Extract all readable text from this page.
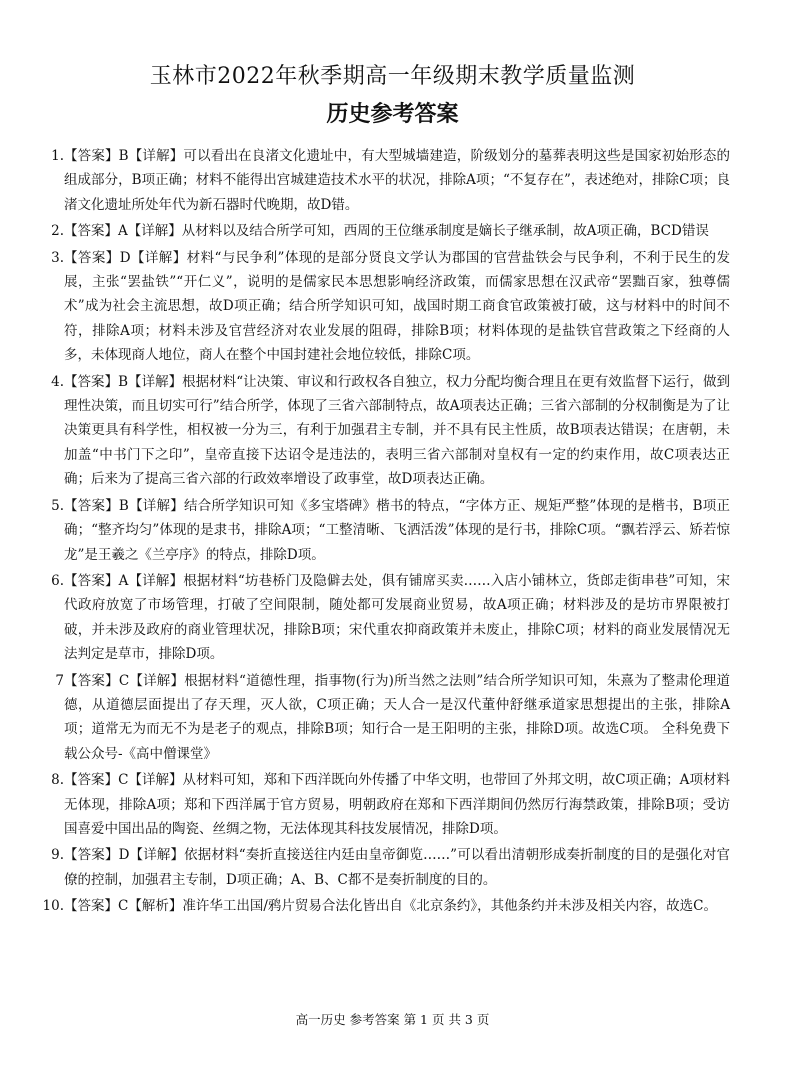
玉林市2022年秋季期高一年级期末教学质量监测
历史参考答案
1. 【答案】B【详解】可以看出在良渚文化遗址中，有大型城墙建造，阶级划分的墓葬表明这些是国家初始形态的组成部分，B项正确；材料不能得出宫城建造技术水平的状况，排除A项；“不复存在”，表述绝对，排除C项；良渚文化遗址所处年代为新石器时代晚期，故D错。
2. 【答案】A【详解】从材料以及结合所学可知，西周的王位继承制度是嫡长子继承制，故A项正确，BCD错误
3. 【答案】D【详解】材料“与民争利”体现的是部分贤良文学认为郡国的官营盐铁会与民争利，不利于民生的发展，主张“罢盐铁”“开仁义”，说明的是儒家民本思想影响经济政策，而儒家思想在汉武帝“罢黜百家，独尊儒术”成为社会主流思想，故D项正确；结合所学知识可知，战国时期工商食官政策被打破，这与材料中的时间不符，排除A项；材料未涉及官营经济对农业发展的阻碍，排除B项；材料体现的是盐铁官营政策之下经商的人多，未体现商人地位，商人在整个中国封建社会地位较低，排除C项。
4. 【答案】B【详解】根据材料“让决策、审议和行政权各自独立，权力分配均衡合理且在更有效监督下运行，做到理性决策，而且切实可行”结合所学，体现了三省六部制特点，故A项表达正确；三省六部制的分权制衡是为了让决策更具有科学性，相权被一分为三，有利于加强君主专制，并不具有民主性质，故B项表达错误；在唐朝，未加盖“中书门下之印”，皇帝直接下达诏令是违法的，表明三省六部制对皇权有一定的约束作用，故C项表达正确；后来为了提高三省六部的行政效率增设了政事堂，故D项表达正确。
5. 【答案】B【详解】结合所学知识可知《多宝塔碑》楷书的特点，“字体方正、规矩严整”体现的是楷书，B项正确；“整齐均匀”体现的是隶书，排除A项；“工整清晰、飞洒活泼”体现的是行书，排除C项。“飘若浮云、矫若惊龙”是王羲之《兰亭序》的特点，排除D项。
6. 【答案】A【详解】根据材料“坊巷桥门及隐僻去处，俱有铺席买卖……入店小铺林立，货郎走街串巷”可知，宋代政府放宽了市场管理，打破了空间限制，随处都可发展商业贸易，故A项正确；材料涉及的是坊市界限被打破，并未涉及政府的商业管理状况，排除B项；宋代重农抑商政策并未废止，排除C项；材料的商业发展情况无法判定是草市，排除D项。
7 【答案】C【详解】根据材料“道德性理，指事物(行为)所当然之法则”结合所学知识可知，朱熹为了整肃伦理道德，从道德层面提出了存天理，灭人欲，C项正确；天人合一是汉代董仲舒继承道家思想提出的主张，排除A项；道常无为而无不为是老子的观点，排除B项；知行合一是王阳明的主张，排除D项。故选C项。 全科免费下载公众号-《高中僧课堂》
8. 【答案】C【详解】从材料可知，郑和下西洋既向外传播了中华文明，也带回了外邦文明，故C项正确；A项材料无体现，排除A项；郑和下西洋属于官方贸易，明朝政府在郑和下西洋期间仍然厉行海禁政策，排除B项；受访国喜爱中国出品的陶瓷、丝绸之物，无法体现其科技发展情况，排除D项。
9. 【答案】D【详解】依据材料“奏折直接送往内廷由皇帝御览……”可以看出清朝形成奏折制度的目的是强化对官僚的控制，加强君主专制，D项正确；A、B、C都不是奏折制度的目的。
10. 【答案】C【解析】准许华工出国/鸦片贸易合法化皆出自《北京条约》，其他条约并未涉及相关内容，故选C。
高一历史 参考答案 第 1 页 共 3 页
